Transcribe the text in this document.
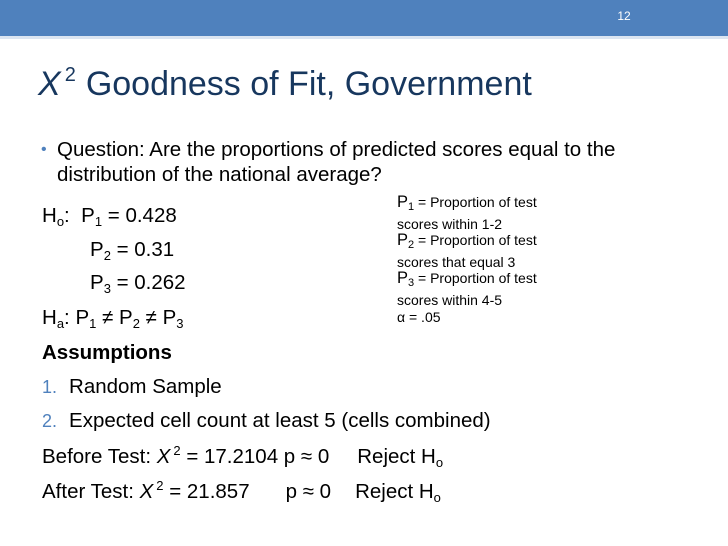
12
X $^2$ Goodness of Fit, Government
• Question: Are the proportions of predicted scores equal to the distribution of the national average?
$H_o$: $P_1 = 0.428$
$P_2 = 0.31$
$P_3 = 0.262$
$H_a$: $P_1 \ne P_2 \ne P_3$
$P_1$ = Proportion of test
scores within 1-2
$P_2$ = Proportion of test
scores that equal 3
$P_3$ = Proportion of test
scores within 4-5
α = .05
Assumptions
1. Random Sample
2. Expected cell count at least 5 (cells combined)
Before Test: X $^2$ = 17.2104 p ≈ 0 Reject $H_o$
After Test: X $^2$ = 21.857 p ≈ 0 Reject $H_o$
